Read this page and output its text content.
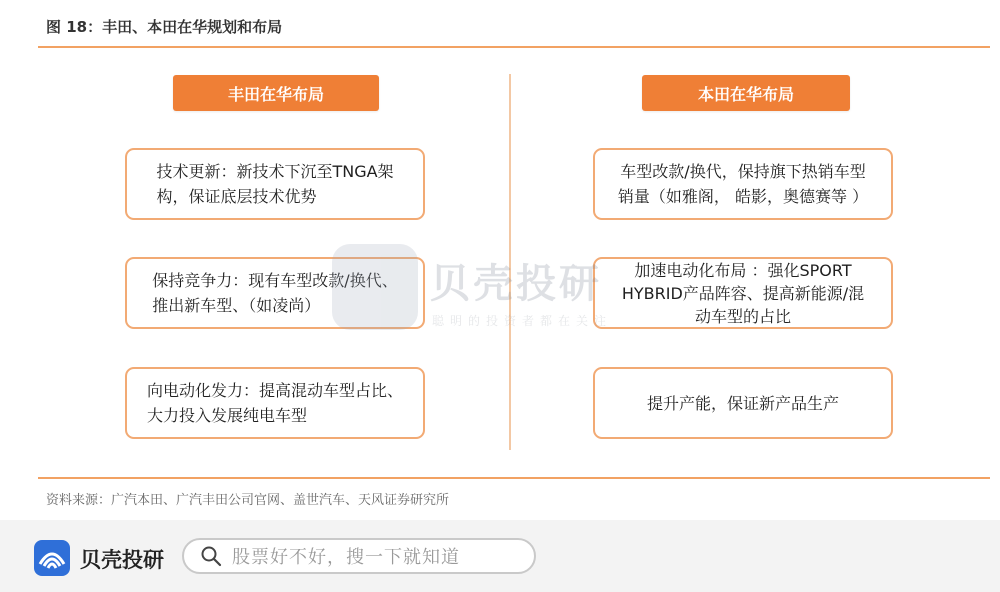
图 18：丰田、本田在华规划和布局
丰田在华布局
技术更新：新技术下沉至TNGA架
构，保证底层技术优势
保持竞争力：现有车型改款/换代、
推出新车型、（如凌尚）
向电动化发力：提高混动车型占比、
大力投入发展纯电车型
本田在华布局
车型改款/换代，保持旗下热销车型
销量（如雅阁， 皓影，奥德赛等 ）
加速电动化布局 ：强化SPORT
HYBRID产品阵容、提高新能源/混
动车型的占比
提升产能，保证新产品生产
贝壳投研
聪明的投资者都在关注
资料来源：广汽本田、广汽丰田公司官网、盖世汽车、天风证券研究所
贝壳投研	股票好不好，搜一下就知道
